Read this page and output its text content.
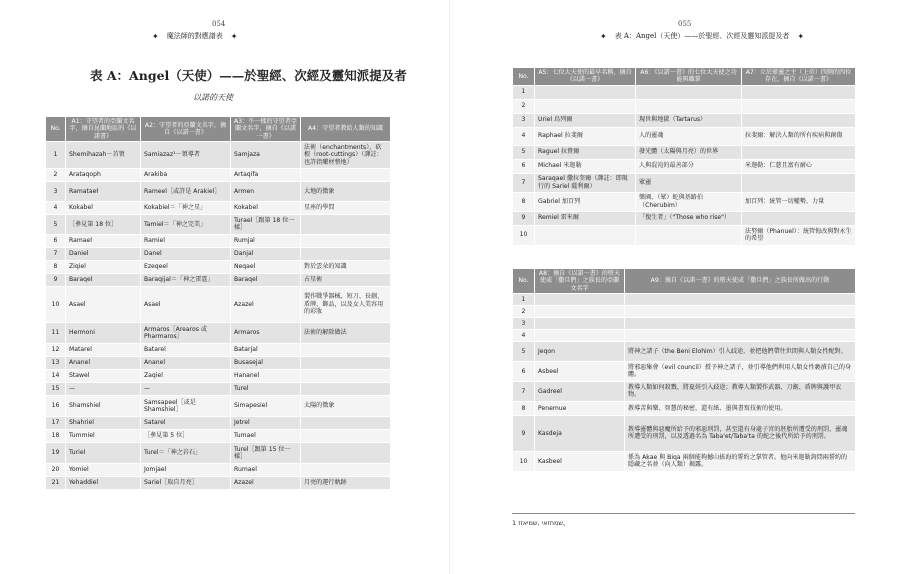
054
✦ 魔法師的對應譜表 ✦
表 A：Angel（天使）——於聖經、次經及靈知派提及者
以諾的天使
No.	A1：守望者的亞蘭文名字，摘自昆蘭地區的《以諾書》	A2：守望者的亞蘭文名字，摘自《以諾一書》	A3：不一樣的守望者亞蘭文名字，摘自《以諾一書》	A4：守望者教給人類的知識
1	Shemihazah－首領	Samiazaz¹－領導者	Samjaza	法術（enchantments）、砍根（root-cuttings）（譯註：也許指藥材整地）
2	Arataqoph	Arakiba	Artaqifa	
3	Ramataeł	Rameel［或許是 Arakiel］	Armen	大地的徵象
4	Kokabel	Kokabiel＝「神之星」	Kokabel	星座的學問
5	［參見第 18 位］	Tamiel＝「神之完美」	Turael［跟第 18 位一樣］	
6	Ramael	Ramiel	Rumjal	
7	Daniel	Danel	Danjal	
8	Ziqiel	Ezeqeel	Neqael	對於雲朵的知識
9	Baraqel	Baraqijal＝「神之雷霆」	Baraqel	占星術
10	Asael	Asael	Azazel	製作戰爭器械、短刀、長劍、盾牌、飾品，以及女人美容用的彩妝
11	Hermoni	Armaros［Arearos 或 Pharmaros］	Armaros	法術的解除做法
12	Matarel	Batarel	Batarjal	
13	Ananel	Ananel	Busasejal	
14	Stawel	Zaqiel	Hananel	
15	—	—	Turel	
16	Shamshiel	Samsapeel［或是 Shamshiel］	Simapesiel	太陽的徵象
17	Shahriel	Satarel	Jetrel	
18	Tummiel	［參見第 5 位］	Tumael	
19	Turiel	Turel＝「神之岩石」	Turel［跟第 15 位一樣］	
20	Yomiel	Jomjael	Rumael	
21	Yehaddiel	Sariel［取自月亮］	Azazel	月亮的運行軌跡
055
✦ 表 A：Angel（天使）——於聖經、次經及靈知派提及者 ✦
No.	A5：七位大天使的最早名稱，摘自《以諾一書》	A6：《以諾一書》的七位大天使之功能與職掌	A7：立於眾靈之主（上帝）四側的四位存在，摘自《以諾一書》
1			
2			
3	Uriel 烏列爾	現世與地獄（Tartarus）	
4	Raphael 拉斐爾	人的靈魂	拉斐爾：解決人類的所有疾病與創傷
5	Raguel 拉貴爾	發光體（太陽與月亮）的世界	
6	Michael 米迦勒	人與混沌的最善部分	米迦勒：仁慈且富有耐心
7	Saraqael 撒拉奎爾（譯註：即現行的 Sariel 薩利爾）	眾靈	
8	Gabriel 加百列	樂園、（眾）蛇與基路伯（Cherubim）	加百列：統管一切權勢、力量
9	Remiel 雷米爾	「復生者」（"Those who rise"）	
10			法努爾（Phanuel）：統管悔改與對永生的希望
No.	A8：摘自《以諾一書》的墮天使或「撒旦們」之族長的亞蘭文名字	A9：摘自《以諾一書》的墮天使或「撒旦們」之族長所做出的行動
1		
2		
3		
4		
5	Jeqon	將神之諸子（the Beni Elohim）引入歧途，並把他們帶往世間與人類女性配對。
6	Asbeel	將邪惡集會（evil council）授予神之諸子，並引導他們利用人類女性褻瀆自己的身體。
7	Gadreel	教導人類如何殺戮、將夏娃引入歧途；教導人類製作武器、刀劍、盾牌與護甲衣物。
8	Penemue	教導苦與樂、智慧的秘密，還有紙、墨與書寫技術的使用。
9	Kasdeja	教導靈體與惡魔所給予的邪惡刑罰，甚至還有身處子宮的胚胎所遭受的刑罰、靈魂所遭受的刑罰，以及透過名為 Taba'et/Taba'ta 的蛇之後代所給予的刑罰。
10	Kasbeel	係為 Akae 與 Biqa 兩個能夠撼山搖海的誓約之掌管者。他向米迦勒詢問兩誓約的隱藏之名並（向人類）揭露。
1 שמחזאי ,שמיאזז。
